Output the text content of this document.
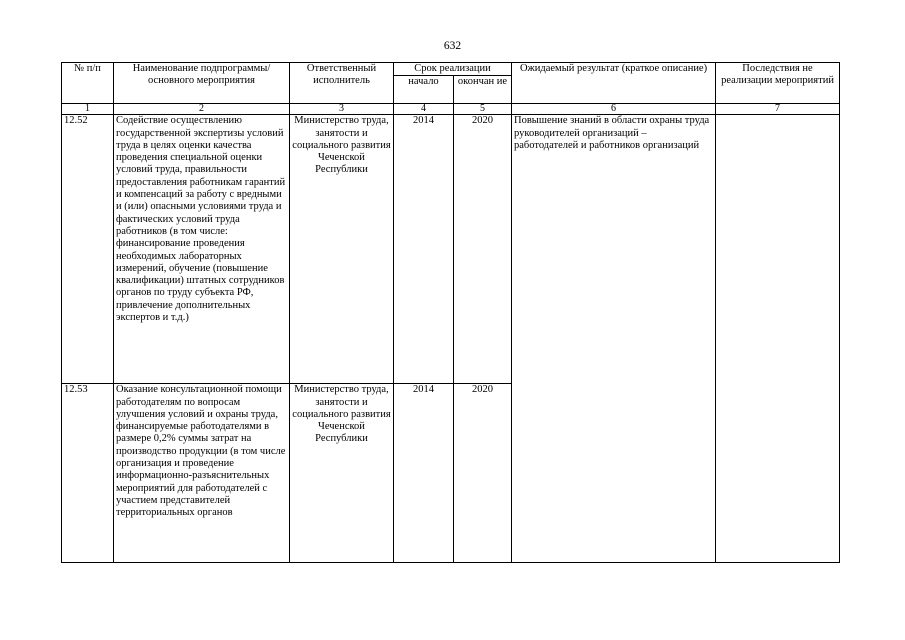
632
№ п/п	Наименование подпрограммы/ основного мероприятия	Ответственный исполнитель	Срок реализации		Ожидаемый результат (краткое описание)	Последствия не реализации мероприятий
			начало	окончан ие		
1	2	3	4	5	6	7
12.52	Содействие осуществлению государственной экспертизы условий труда в целях оценки качества проведения специальной оценки условий труда, правильности предоставления работникам гарантий и компенсаций за работу с вредными и (или) опасными условиями труда и фактических условий труда работников (в том числе: финансирование проведения необходимых лабораторных измерений, обучение (повышение квалификации) штатных сотрудников органов по труду субъекта РФ, привлечение дополнительных экспертов и т.д.)	Министерство труда, занятости и социального развития Чеченской Республики	2014	2020	Повышение знаний в области охраны труда руководителей организаций – работодателей и работников организаций	
12.53	Оказание консультационной помощи работодателям по вопросам улучшения условий и охраны труда, финансируемые работодателями в размере 0,2% суммы затрат на производство продукции (в том числе организация и проведение информационно-разъяснительных мероприятий для работодателей с участием представителей территориальных органов	Министерство труда, занятости и социального развития Чеченской Республики	2014	2020		
